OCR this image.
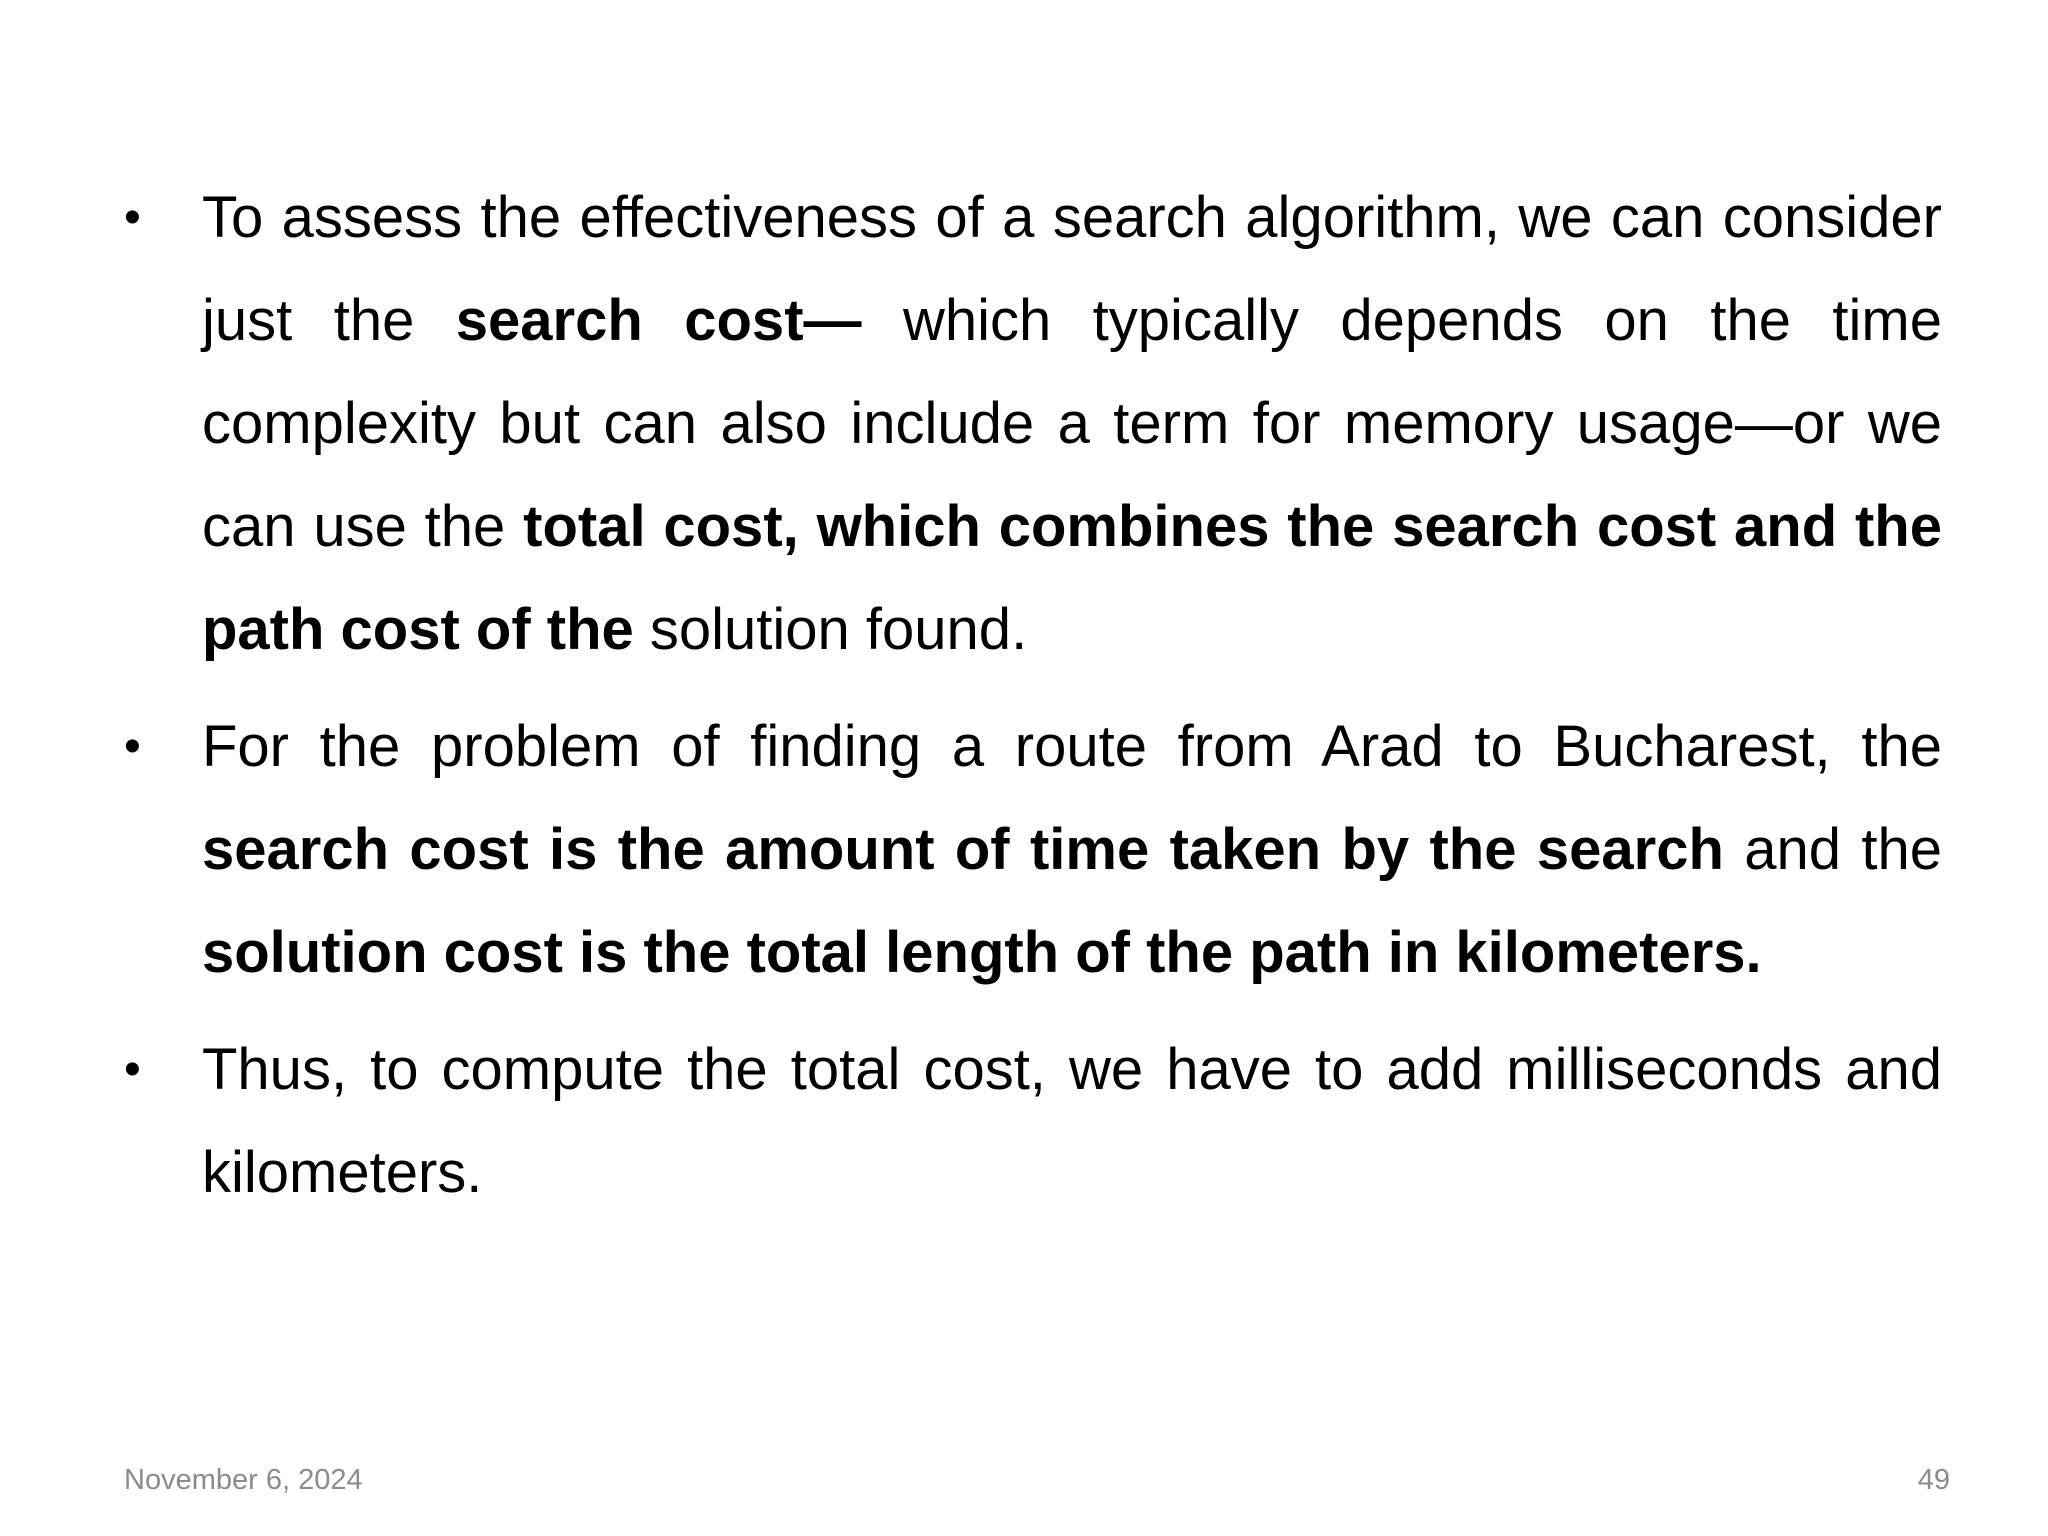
• To assess the effectiveness of a search algorithm, we can consider just the search cost— which typically depends on the time complexity but can also include a term for memory usage—or we can use the total cost, which combines the search cost and the path cost of the solution found.
• For the problem of finding a route from Arad to Bucharest, the search cost is the amount of time taken by the search and the solution cost is the total length of the path in kilometers.
• Thus, to compute the total cost, we have to add milliseconds and kilometers.
November 6, 2024	49
